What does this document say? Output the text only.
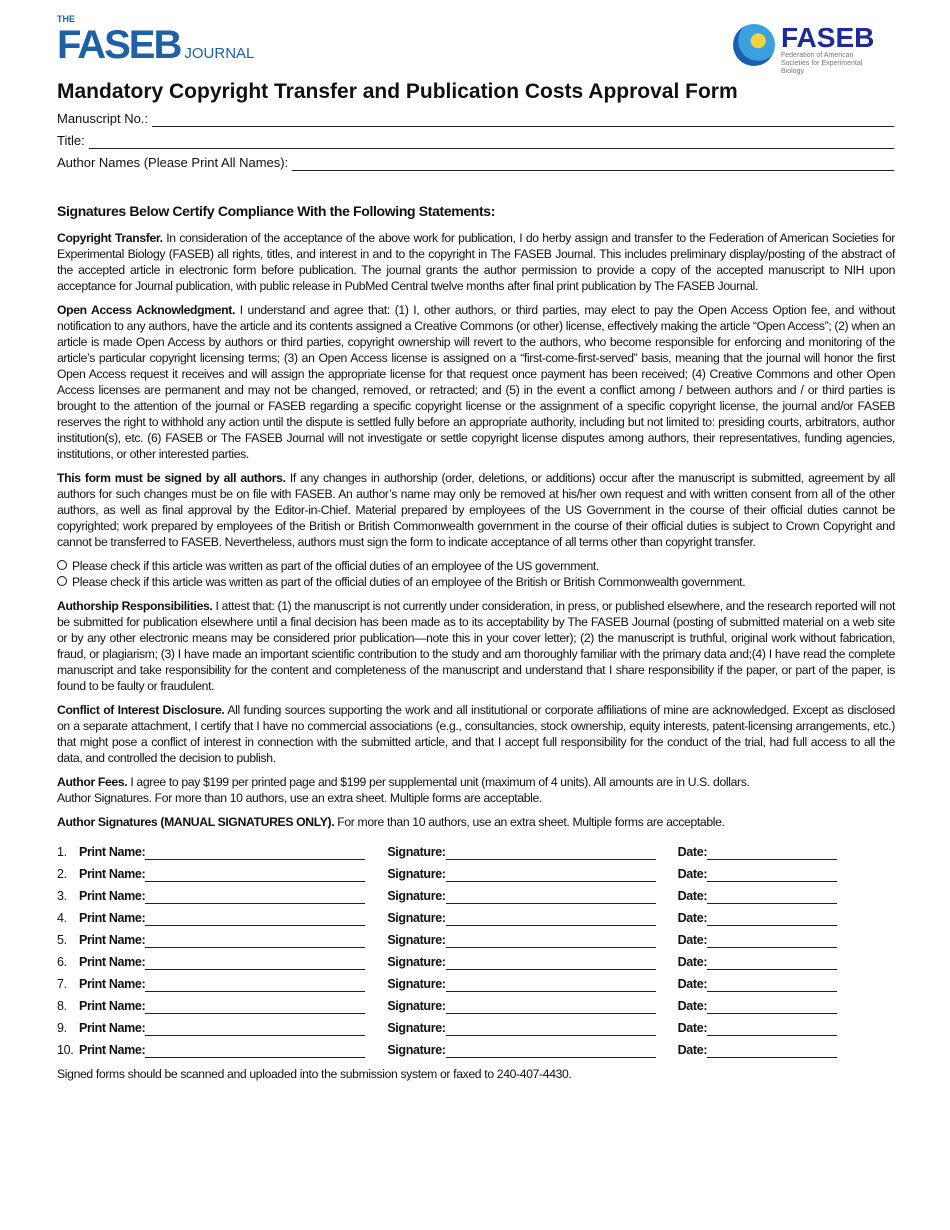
THE
FASEB JOURNAL
FASEB
Federation of American Societies for Experimental Biology
Mandatory Copyright Transfer and Publication Costs Approval Form
Manuscript No.:
Title:
Author Names (Please Print All Names):
Signatures Below Certify Compliance With the Following Statements:

Copyright Transfer. In consideration of the acceptance of the above work for publication, I do herby assign and transfer to the Federation of American Societies for Experimental Biology (FASEB) all rights, titles, and interest in and to the copyright in The FASEB Journal. This includes preliminary display/posting of the abstract of the accepted article in electronic form before publication. The journal grants the author permission to provide a copy of the accepted manuscript to NIH upon acceptance for Journal publication, with public release in PubMed Central twelve months after final print publication by The FASEB Journal.

Open Access Acknowledgment. I understand and agree that: (1) I, other authors, or third parties, may elect to pay the Open Access Option fee, and without notification to any authors, have the article and its contents assigned a Creative Commons (or other) license, effectively making the article “Open Access”; (2) when an article is made Open Access by authors or third parties, copyright ownership will revert to the authors, who become responsible for enforcing and monitoring of the article’s particular copyright licensing terms; (3) an Open Access license is assigned on a “first-come-first-served” basis, meaning that the journal will honor the first Open Access request it receives and will assign the appropriate license for that request once payment has been received; (4) Creative Commons and other Open Access licenses are permanent and may not be changed, removed, or retracted; and (5) in the event a conflict among / between authors and / or third parties is brought to the attention of the journal or FASEB regarding a specific copyright license or the assignment of a specific copyright license, the journal and/or FASEB reserves the right to withhold any action until the dispute is settled fully before an appropriate authority, including but not limited to: presiding courts, arbitrators, author institution(s), etc. (6) FASEB or The FASEB Journal will not investigate or settle copyright license disputes among authors, their representatives, funding agencies, institutions, or other interested parties.

This form must be signed by all authors. If any changes in authorship (order, deletions, or additions) occur after the manuscript is submitted, agreement by all authors for such changes must be on file with FASEB. An author’s name may only be removed at his/her own request and with written consent from all of the other authors, as well as final approval by the Editor-in-Chief. Material prepared by employees of the US Government in the course of their official duties cannot be copyrighted; work prepared by employees of the British or British Commonwealth government in the course of their official duties is subject to Crown Copyright and cannot be transferred to FASEB. Nevertheless, authors must sign the form to indicate acceptance of all terms other than copyright transfer.

Please check if this article was written as part of the official duties of an employee of the US government.
Please check if this article was written as part of the official duties of an employee of the British or British Commonwealth government.

Authorship Responsibilities. I attest that: (1) the manuscript is not currently under consideration, in press, or published elsewhere, and the research reported will not be submitted for publication elsewhere until a final decision has been made as to its acceptability by The FASEB Journal (posting of submitted material on a web site or by any other electronic means may be considered prior publication—note this in your cover letter); (2) the manuscript is truthful, original work without fabrication, fraud, or plagiarism; (3) I have made an important scientific contribution to the study and am thoroughly familiar with the primary data and;(4) I have read the complete manuscript and take responsibility for the content and completeness of the manuscript and understand that I share responsibility if the paper, or part of the paper, is found to be faulty or fraudulent.

Conflict of Interest Disclosure. All funding sources supporting the work and all institutional or corporate affiliations of mine are acknowledged. Except as disclosed on a separate attachment, I certify that I have no commercial associations (e.g., consultancies, stock ownership, equity interests, patent-licensing arrangements, etc.) that might pose a conflict of interest in connection with the submitted article, and that I accept full responsibility for the conduct of the trial, had full access to all the data, and controlled the decision to publish.

Author Fees. I agree to pay $199 per printed page and $199 per supplemental unit (maximum of 4 units). All amounts are in U.S. dollars.
Author Signatures. For more than 10 authors, use an extra sheet. Multiple forms are acceptable.

Author Signatures (MANUAL SIGNATURES ONLY). For more than 10 authors, use an extra sheet. Multiple forms are acceptable.

1. Print Name:	Signature:	Date:
2. Print Name:	Signature:	Date:
3. Print Name:	Signature:	Date:
4. Print Name:	Signature:	Date:
5. Print Name:	Signature:	Date:
6. Print Name:	Signature:	Date:
7. Print Name:	Signature:	Date:
8. Print Name:	Signature:	Date:
9. Print Name:	Signature:	Date:
10. Print Name:	Signature:	Date:

Signed forms should be scanned and uploaded into the submission system or faxed to 240-407-4430.
